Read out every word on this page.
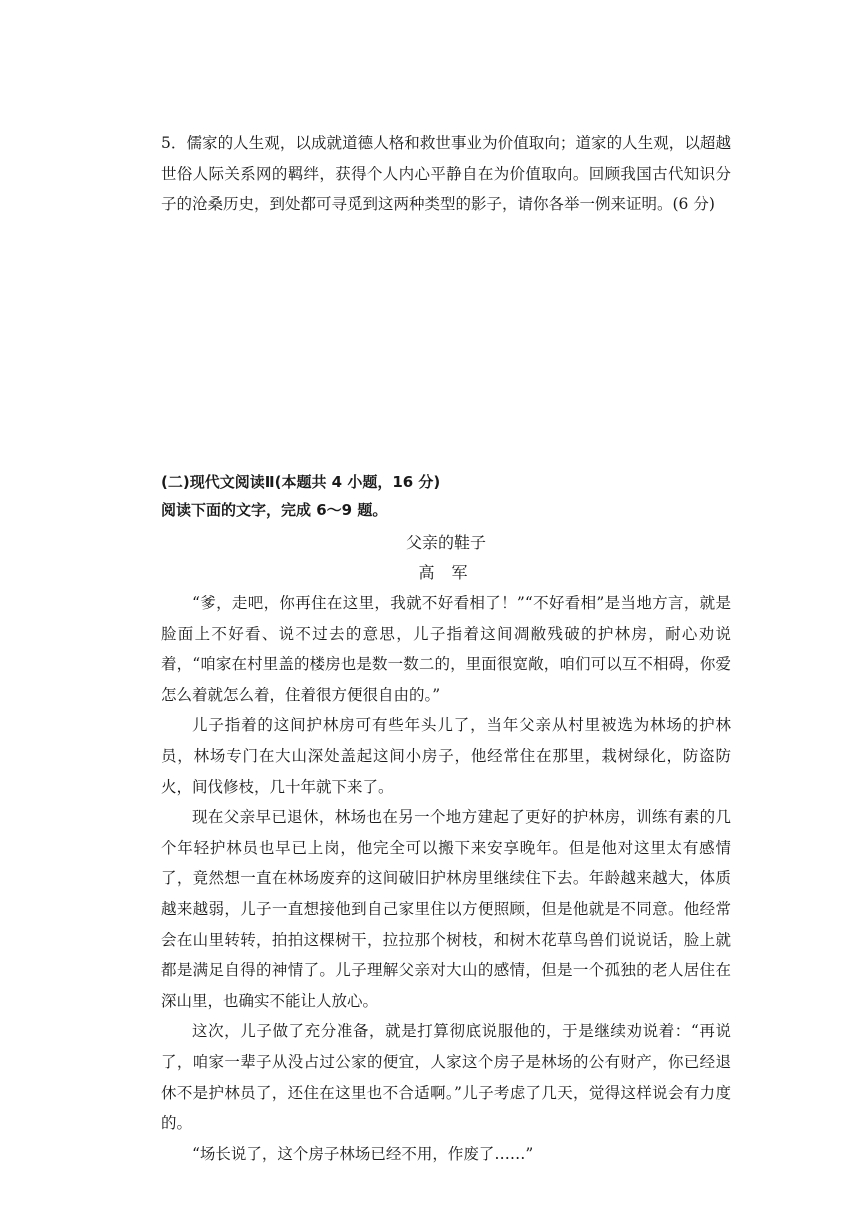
5．儒家的人生观，以成就道德人格和救世事业为价值取向；道家的人生观，以超越世俗人际关系网的羁绊，获得个人内心平静自在为价值取向。回顾我国古代知识分子的沧桑历史，到处都可寻觅到这两种类型的影子，请你各举一例来证明。(6 分)

(二)现代文阅读Ⅱ(本题共 4 小题，16 分)

阅读下面的文字，完成 6～9 题。

父亲的鞋子

高 军

“爹，走吧，你再住在这里，我就不好看相了！”“不好看相”是当地方言，就是脸面上不好看、说不过去的意思，儿子指着这间凋敝残破的护林房，耐心劝说着，“咱家在村里盖的楼房也是数一数二的，里面很宽敞，咱们可以互不相碍，你爱怎么着就怎么着，住着很方便很自由的。”

儿子指着的这间护林房可有些年头儿了，当年父亲从村里被选为林场的护林员，林场专门在大山深处盖起这间小房子，他经常住在那里，栽树绿化，防盗防火，间伐修枝，几十年就下来了。

现在父亲早已退休，林场也在另一个地方建起了更好的护林房，训练有素的几个年轻护林员也早已上岗，他完全可以搬下来安享晚年。但是他对这里太有感情了，竟然想一直在林场废弃的这间破旧护林房里继续住下去。年龄越来越大，体质越来越弱，儿子一直想接他到自己家里住以方便照顾，但是他就是不同意。他经常会在山里转转，拍拍这棵树干，拉拉那个树枝，和树木花草鸟兽们说说话，脸上就都是满足自得的神情了。儿子理解父亲对大山的感情，但是一个孤独的老人居住在深山里，也确实不能让人放心。

这次，儿子做了充分准备，就是打算彻底说服他的，于是继续劝说着：“再说了，咱家一辈子从没占过公家的便宜，人家这个房子是林场的公有财产，你已经退休不是护林员了，还住在这里也不合适啊。”儿子考虑了几天，觉得这样说会有力度的。

“场长说了，这个房子林场已经不用，作废了……”
